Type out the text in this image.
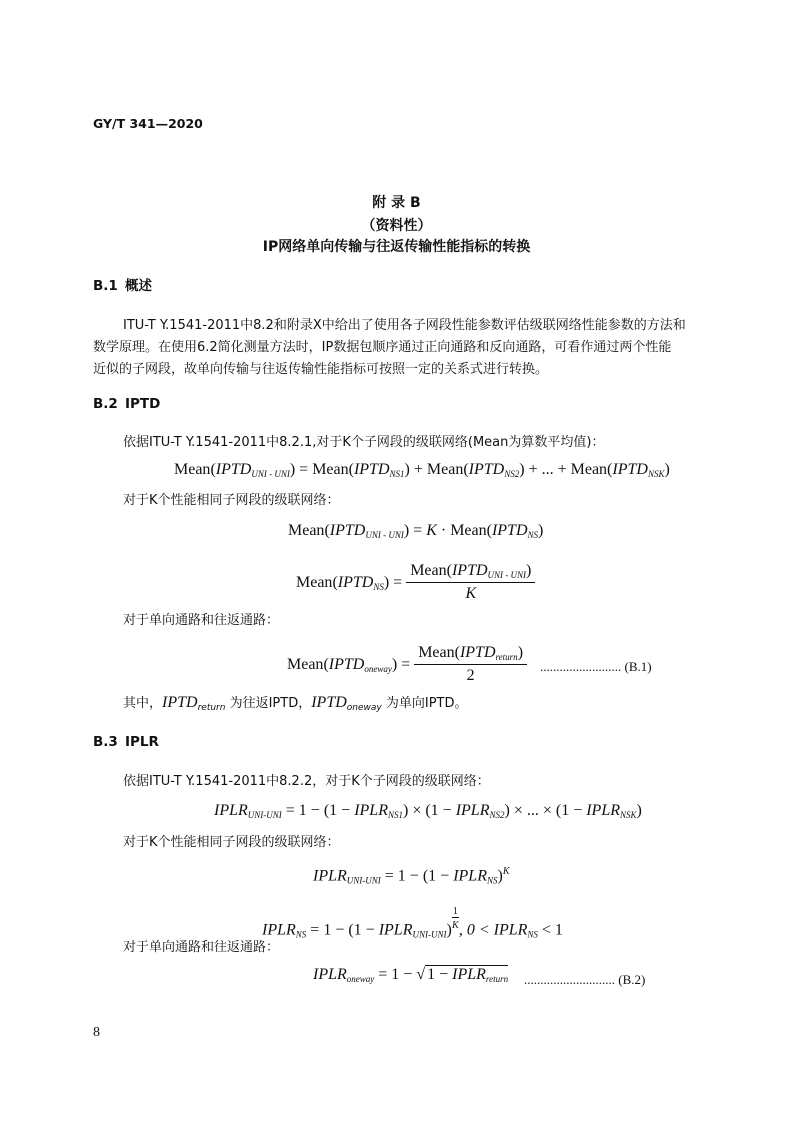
GY/T 341—2020
附 录 B
（资料性）
IP网络单向传输与往返传输性能指标的转换
B.1 概述
ITU-T Y.1541-2011中8.2和附录X中给出了使用各子网段性能参数评估级联网络性能参数的方法和
数学原理。在使用6.2简化测量方法时，IP数据包顺序通过正向通路和反向通路，可看作通过两个性能
近似的子网段，故单向传输与往返传输性能指标可按照一定的关系式进行转换。
B.2 IPTD
依据ITU-T Y.1541-2011中8.2.1,对于K个子网段的级联网络(Mean为算数平均值)：
$Mean(IPTD_{UNI - UNI})$ = $Mean(IPTD_{NS1})$ + $Mean(IPTD_{NS2})$ + ... + $Mean(IPTD_{NSK})$
对于K个性能相同子网段的级联网络：
$Mean(IPTD_{UNI - UNI}) = K$ · $Mean(IPTD_{NS})$
$Mean(IPTD_{NS}) = \frac{Mean(IPTD_{UNI - UNI})}{K}$
对于单向通路和往返通路：
$Mean(IPTD_{oneway}) = \frac{Mean(IPTD_{return})}{2}$ ......................... (B.1)
其中，$IPTD_{return}$ 为往返IPTD，$IPTD_{oneway}$ 为单向IPTD。
B.3 IPLR
依据ITU-T Y.1541-2011中8.2.2，对于K个子网段的级联网络：
$IPLR_{UNI-UNI} = 1 - (1$ − $IPLR_{NS1}) \times (1$ − $IPLR_{NS2}$) × ... × $(1 - IPLR_{NSK})$
对于K个性能相同子网段的级联网络：
$IPLR_{UNI-UNI} = 1 - (1$ − $IPLR_{NS})^K$
$IPLR_{NS} = 1 - (1$ − $IPLR_{UNI-UNI}) \frac{1}{K}$ , $0 < IPLR_{NS} < 1$
对于单向通路和往返通路：
$IPLR_{oneway} = 1$ − √ $1 - IPLR_{return}$ ............................ (B.2)
8
